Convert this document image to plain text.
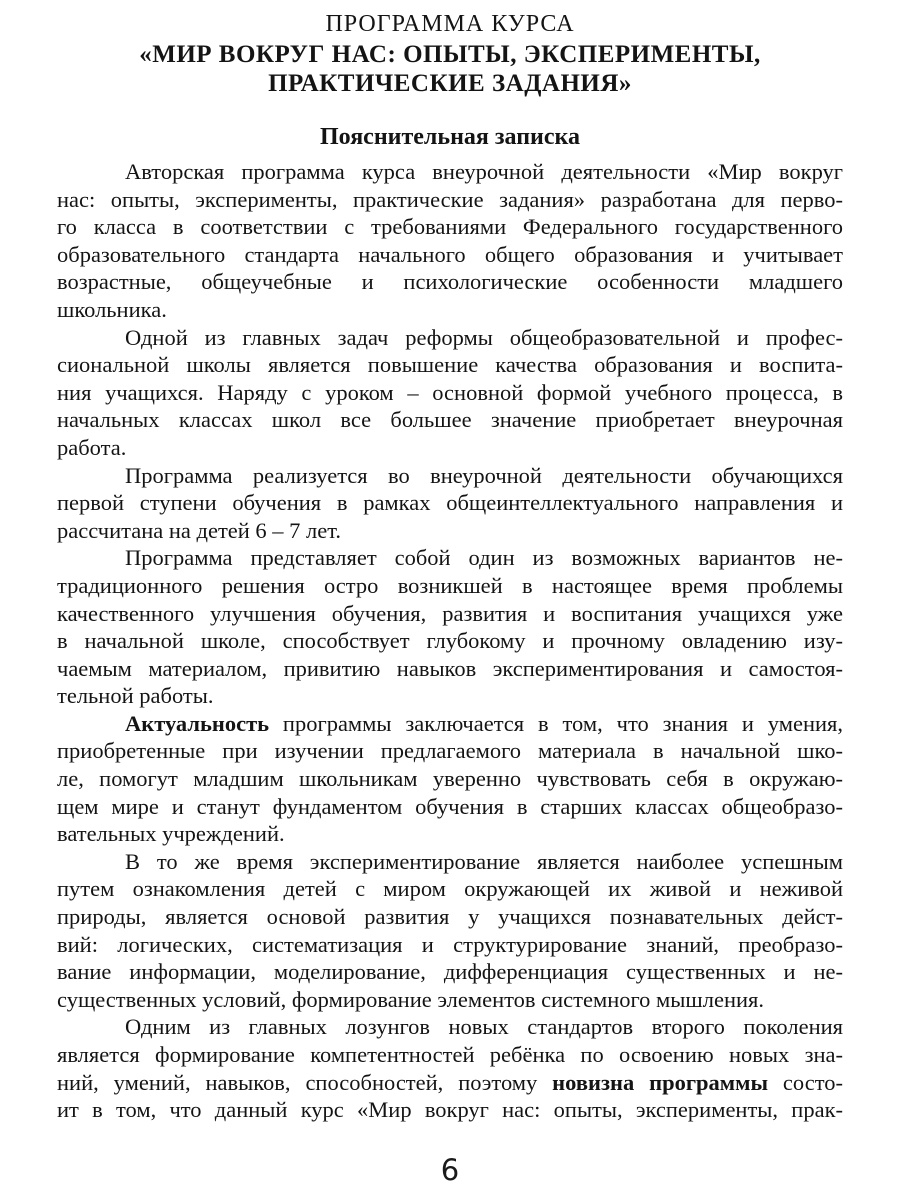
ПРОГРАММА КУРСА
«МИР ВОКРУГ НАС: ОПЫТЫ, ЭКСПЕРИМЕНТЫ,
ПРАКТИЧЕСКИЕ ЗАДАНИЯ»
Пояснительная записка
Авторская программа курса внеурочной деятельности «Мир вокруг
нас: опыты, эксперименты, практические задания» разработана для перво-
го класса в соответствии с требованиями Федерального государственного
образовательного стандарта начального общего образования и учитывает
возрастные, общеучебные и психологические особенности младшего
школьника.
Одной из главных задач реформы общеобразовательной и профес-
сиональной школы является повышение качества образования и воспита-
ния учащихся. Наряду с уроком – основной формой учебного процесса, в
начальных классах школ все большее значение приобретает внеурочная
работа.
Программа реализуется во внеурочной деятельности обучающихся
первой ступени обучения в рамках общеинтеллектуального направления и
рассчитана на детей 6 – 7 лет.
Программа представляет собой один из возможных вариантов не-
традиционного решения остро возникшей в настоящее время проблемы
качественного улучшения обучения, развития и воспитания учащихся уже
в начальной школе, способствует глубокому и прочному овладению изу-
чаемым материалом, привитию навыков экспериментирования и самостоя-
тельной работы.
Актуальность программы заключается в том, что знания и умения,
приобретенные при изучении предлагаемого материала в начальной шко-
ле, помогут младшим школьникам уверенно чувствовать себя в окружаю-
щем мире и станут фундаментом обучения в старших классах общеобразо-
вательных учреждений.
В то же время экспериментирование является наиболее успешным
путем ознакомления детей с миром окружающей их живой и неживой
природы, является основой развития у учащихся познавательных дейст-
вий: логических, систематизация и структурирование знаний, преобразо-
вание информации, моделирование, дифференциация существенных и не-
существенных условий, формирование элементов системного мышления.
Одним из главных лозунгов новых стандартов второго поколения
является формирование компетентностей ребёнка по освоению новых зна-
ний, умений, навыков, способностей, поэтому новизна программы состо-
ит в том, что данный курс «Мир вокруг нас: опыты, эксперименты, прак-
6
